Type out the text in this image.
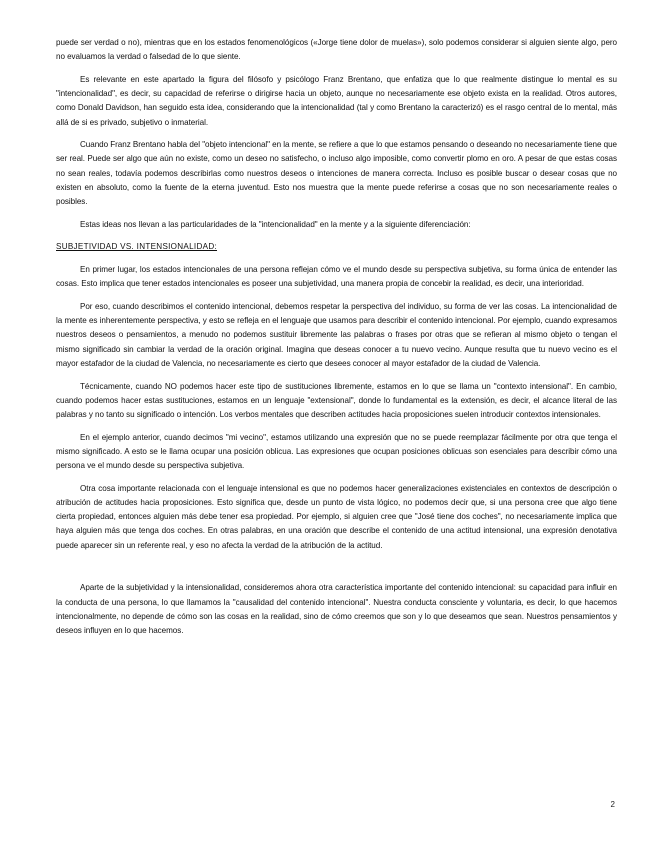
puede ser verdad o no), mientras que en los estados fenomenológicos («Jorge tiene dolor de muelas»), solo podemos considerar si alguien siente algo, pero no evaluamos la verdad o falsedad de lo que siente.

Es relevante en este apartado la figura del filósofo y psicólogo Franz Brentano, que enfatiza que lo que realmente distingue lo mental es su "intencionalidad", es decir, su capacidad de referirse o dirigirse hacia un objeto, aunque no necesariamente ese objeto exista en la realidad. Otros autores, como Donald Davidson, han seguido esta idea, considerando que la intencionalidad (tal y como Brentano la caracterizó) es el rasgo central de lo mental, más allá de si es privado, subjetivo o inmaterial.

Cuando Franz Brentano habla del "objeto intencional" en la mente, se refiere a que lo que estamos pensando o deseando no necesariamente tiene que ser real. Puede ser algo que aún no existe, como un deseo no satisfecho, o incluso algo imposible, como convertir plomo en oro. A pesar de que estas cosas no sean reales, todavía podemos describirlas como nuestros deseos o intenciones de manera correcta. Incluso es posible buscar o desear cosas que no existen en absoluto, como la fuente de la eterna juventud. Esto nos muestra que la mente puede referirse a cosas que no son necesariamente reales o posibles.

Estas ideas nos llevan a las particularidades de la "intencionalidad" en la mente y a la siguiente diferenciación:

SUBJETIVIDAD VS. INTENSIONALIDAD:

En primer lugar, los estados intencionales de una persona reflejan cómo ve el mundo desde su perspectiva subjetiva, su forma única de entender las cosas. Esto implica que tener estados intencionales es poseer una subjetividad, una manera propia de concebir la realidad, es decir, una interioridad.

Por eso, cuando describimos el contenido intencional, debemos respetar la perspectiva del individuo, su forma de ver las cosas. La intencionalidad de la mente es inherentemente perspectiva, y esto se refleja en el lenguaje que usamos para describir el contenido intencional. Por ejemplo, cuando expresamos nuestros deseos o pensamientos, a menudo no podemos sustituir libremente las palabras o frases por otras que se refieran al mismo objeto o tengan el mismo significado sin cambiar la verdad de la oración original. Imagina que deseas conocer a tu nuevo vecino. Aunque resulta que tu nuevo vecino es el mayor estafador de la ciudad de Valencia, no necesariamente es cierto que desees conocer al mayor estafador de la ciudad de Valencia.

Técnicamente, cuando NO podemos hacer este tipo de sustituciones libremente, estamos en lo que se llama un "contexto intensional". En cambio, cuando podemos hacer estas sustituciones, estamos en un lenguaje "extensional", donde lo fundamental es la extensión, es decir, el alcance literal de las palabras y no tanto su significado o intención. Los verbos mentales que describen actitudes hacia proposiciones suelen introducir contextos intensionales.

En el ejemplo anterior, cuando decimos "mi vecino", estamos utilizando una expresión que no se puede reemplazar fácilmente por otra que tenga el mismo significado. A esto se le llama ocupar una posición oblicua. Las expresiones que ocupan posiciones oblicuas son esenciales para describir cómo una persona ve el mundo desde su perspectiva subjetiva.

Otra cosa importante relacionada con el lenguaje intensional es que no podemos hacer generalizaciones existenciales en contextos de descripción o atribución de actitudes hacia proposiciones. Esto significa que, desde un punto de vista lógico, no podemos decir que, si una persona cree que algo tiene cierta propiedad, entonces alguien más debe tener esa propiedad. Por ejemplo, si alguien cree que "José tiene dos coches", no necesariamente implica que haya alguien más que tenga dos coches. En otras palabras, en una oración que describe el contenido de una actitud intensional, una expresión denotativa puede aparecer sin un referente real, y eso no afecta la verdad de la atribución de la actitud.

Aparte de la subjetividad y la intensionalidad, consideremos ahora otra característica importante del contenido intencional: su capacidad para influir en la conducta de una persona, lo que llamamos la "causalidad del contenido intencional". Nuestra conducta consciente y voluntaria, es decir, lo que hacemos intencionalmente, no depende de cómo son las cosas en la realidad, sino de cómo creemos que son y lo que deseamos que sean. Nuestros pensamientos y deseos influyen en lo que hacemos.

2
